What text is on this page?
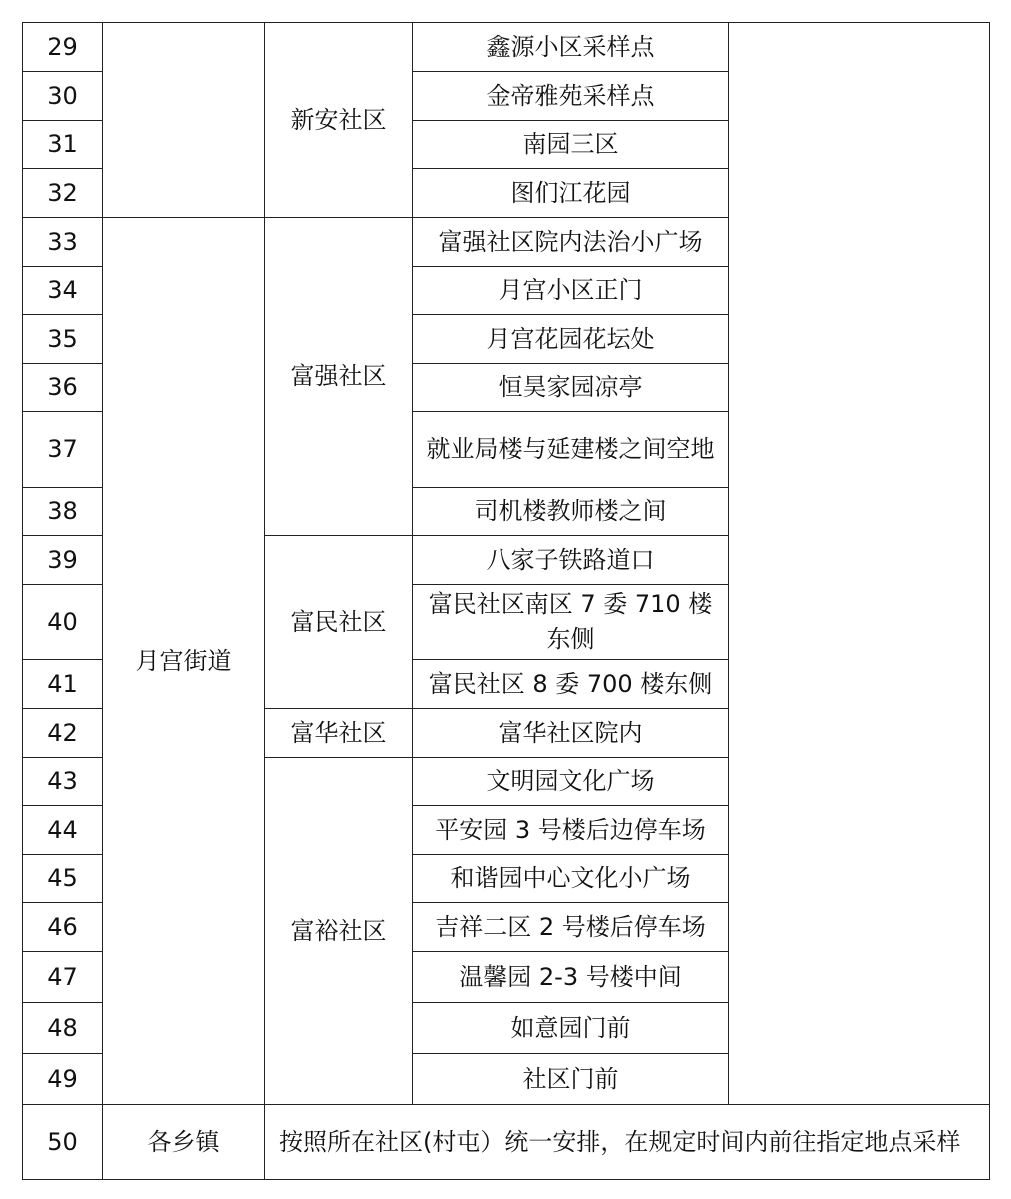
29		新安社区	鑫源小区采样点	
30			金帝雅苑采样点	
31			南园三区	
32			图们江花园	
33	月宫街道	富强社区	富强社区院内法治小广场	
34			月宫小区正门	
35			月宫花园花坛处	
36			恒昊家园凉亭	
37			就业局楼与延建楼之间空地	
38			司机楼教师楼之间	
39		富民社区	八家子铁路道口	
40			富民社区南区 7 委 710 楼东侧	
41			富民社区 8 委 700 楼东侧	
42		富华社区	富华社区院内	
43		富裕社区	文明园文化广场	
44			平安园 3 号楼后边停车场	
45			和谐园中心文化小广场	
46			吉祥二区 2 号楼后停车场	
47			温馨园 2-3 号楼中间	
48			如意园门前	
49			社区门前	
50	各乡镇	按照所在社区(村屯）统一安排，在规定时间内前往指定地点采样		
